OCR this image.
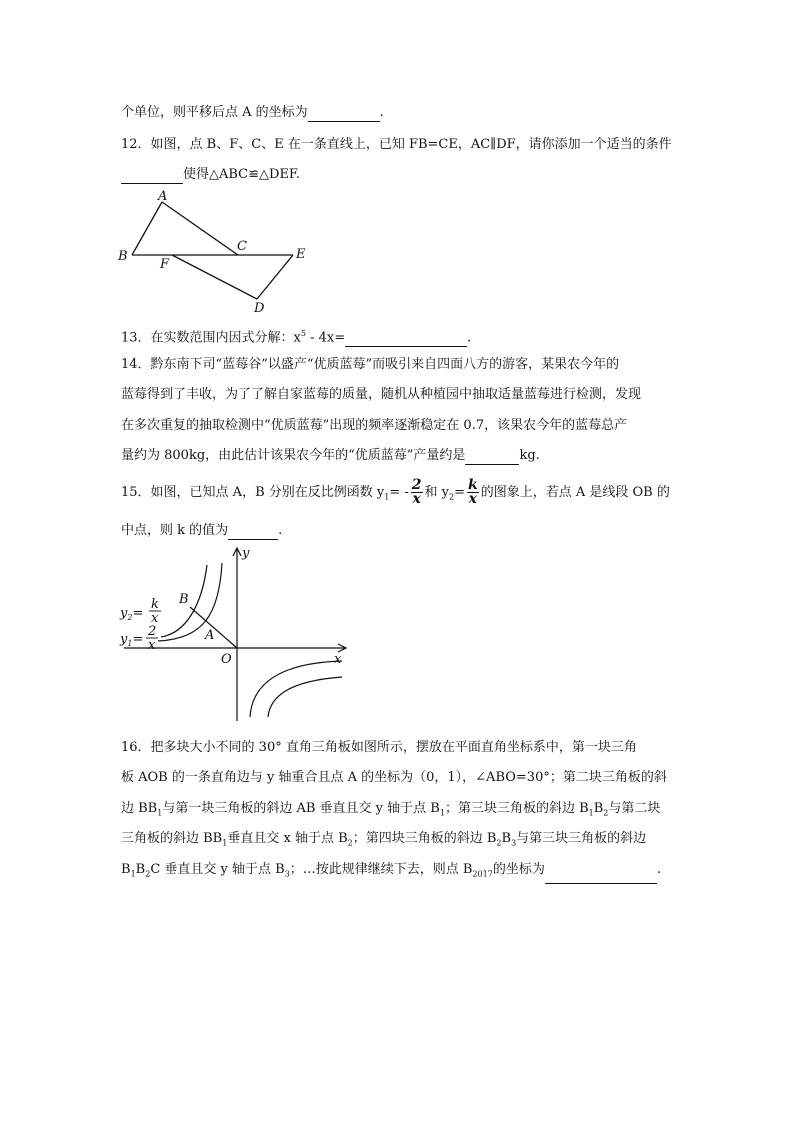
个单位，则平移后点 A 的坐标为	.
12．如图，点 B、F、C、E 在一条直线上，已知 FB=CE，AC∥DF，请你添加一个适当的条件
使得△ABC≌△DEF.
A
B
C
D
E
F
13．在实数范围内因式分解：$x^5 - 4x=$	.
14．黔东南下司“蓝莓谷”以盛产“优质蓝莓”而吸引来自四面八方的游客，某果农今年的
蓝莓得到了丰收，为了了解自家蓝莓的质量，随机从种植园中抽取适量蓝莓进行检测，发现
在多次重复的抽取检测中“优质蓝莓”出现的频率逐渐稳定在 0.7，该果农今年的蓝莓总产
量约为 800kg，由此估计该果农今年的“优质蓝莓”产量约是	kg.
15．如图，已知点 A，B 分别在反比例函数 $y_1= - \frac{2}{x}$ 和 $y_2= \frac{k}{x}$ 的图象上，若点 A 是线段 OB 的
中点，则 k 的值为	.
y
x
O
A
B
$y_2=$
k
x
$y_1=$
2
x
16．把多块大小不同的 30° 直角三角板如图所示，摆放在平面直角坐标系中，第一块三角
板 AOB 的一条直角边与 y 轴重合且点 A 的坐标为（0，1），∠ABO=30°；第二块三角板的斜
边 $BB_1$与第一块三角板的斜边 AB 垂直且交 y 轴于点 $B_1$；第三块三角板的斜边 $B_1B_2$与第二块
三角板的斜边 $BB_1$垂直且交 x 轴于点 $B_2$；第四块三角板的斜边 $B_2B_3$与第三块三角板的斜边
$B_1B_2C$ 垂直且交 y 轴于点 $B_3$；…按此规律继续下去，则点 $B_{2017}$的坐标为	.
